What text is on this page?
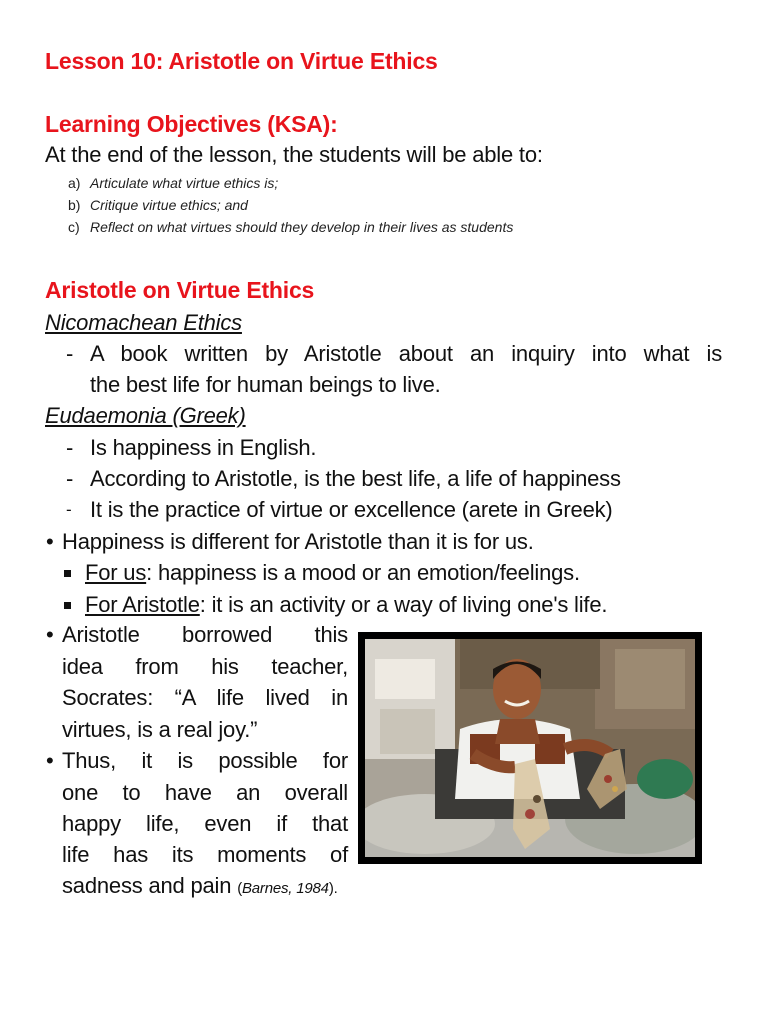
Lesson 10: Aristotle on Virtue Ethics
Learning Objectives (KSA):
At the end of the lesson, the students will be able to:
a) Articulate what virtue ethics is;
b) Critique virtue ethics; and
c) Reflect on what virtues should they develop in their lives as students
Aristotle on Virtue Ethics
Nicomachean Ethics
- A book written by Aristotle about an inquiry into what is
the best life for human beings to live.
Eudaemonia (Greek)
- Is happiness in English.
- According to Aristotle, is the best life, a life of happiness
- It is the practice of virtue or excellence (arete in Greek)
• Happiness is different for Aristotle than it is for us.
For us: happiness is a mood or an emotion/feelings.
For Aristotle: it is an activity or a way of living one's life.
• Aristotle borrowed this
idea from his teacher,
Socrates: “A life lived in
virtues, is a real joy.”
• Thus, it is possible for
one to have an overall
happy life, even if that
life has its moments of
sadness and pain (Barnes, 1984).
